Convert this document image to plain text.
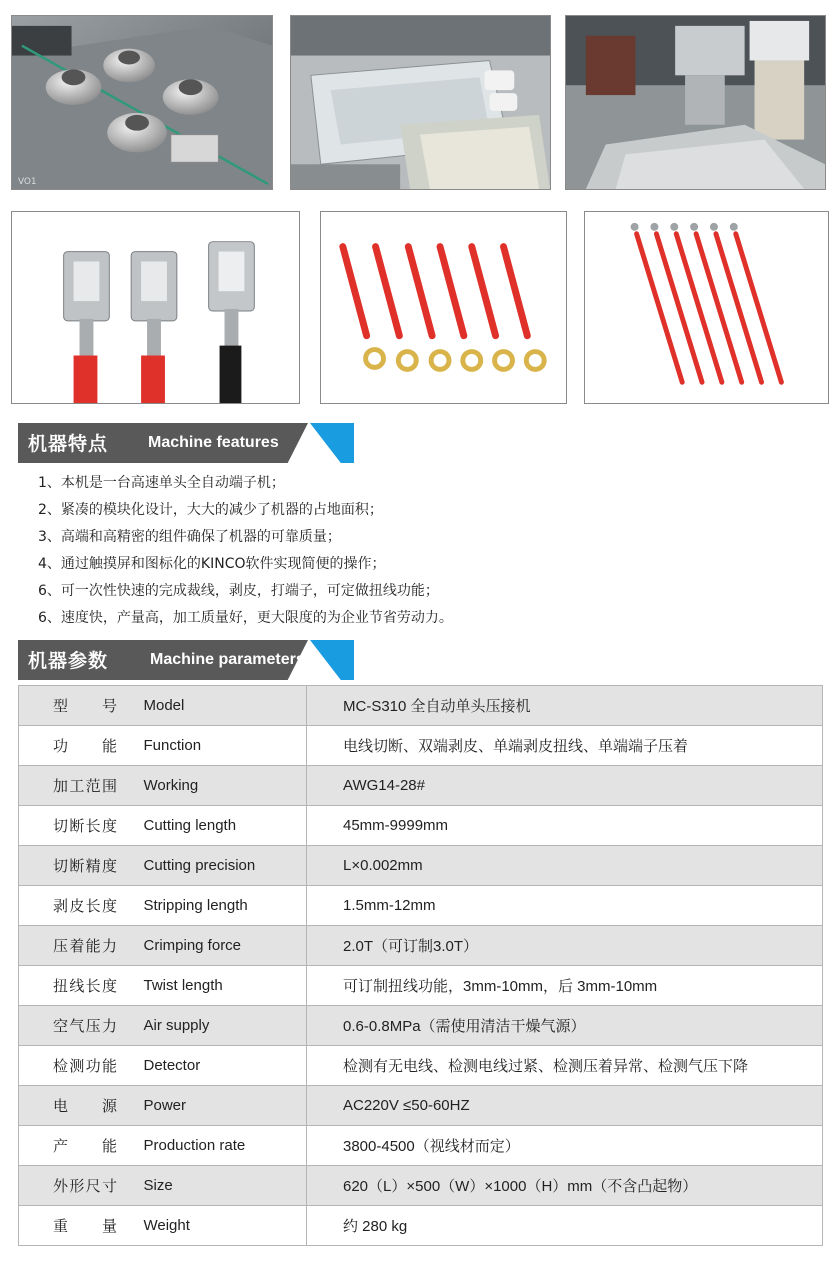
VO1
机器特点 Machine features
1、本机是一台高速单头全自动端子机；
2、紧凑的模块化设计，大大的减少了机器的占地面积；
3、高端和高精密的组件确保了机器的可靠质量；
4、通过触摸屏和图标化的KINCO软件实现简便的操作；
6、可一次性快速的完成裁线，剥皮，打端子，可定做扭线功能；
6、速度快，产量高，加工质量好，更大限度的为企业节省劳动力。
机器参数	Machine parameters
型号	Model	MC-S310 全自动单头压接机
功能	Function	电线切断、双端剥皮、单端剥皮扭线、单端端子压着
加工范围	Working	AWG14-28#
切断长度	Cutting length	45mm-9999mm
切断精度	Cutting precision	L×0.002mm
剥皮长度	Stripping length	1.5mm-12mm
压着能力	Crimping force	2.0T（可订制3.0T）
扭线长度	Twist length	可订制扭线功能，3mm-10mm，后 3mm-10mm
空气压力	Air supply	0.6-0.8MPa（需使用清洁干燥气源）
检测功能	Detector	检测有无电线、检测电线过紧、检测压着异常、检测气压下降
电源	Power	AC220V ≤50-60HZ
产能	Production rate	3800-4500（视线材而定）
外形尺寸	Size	620（L）×500（W）×1000（H）mm（不含凸起物）
重量	Weight	约 280 kg
